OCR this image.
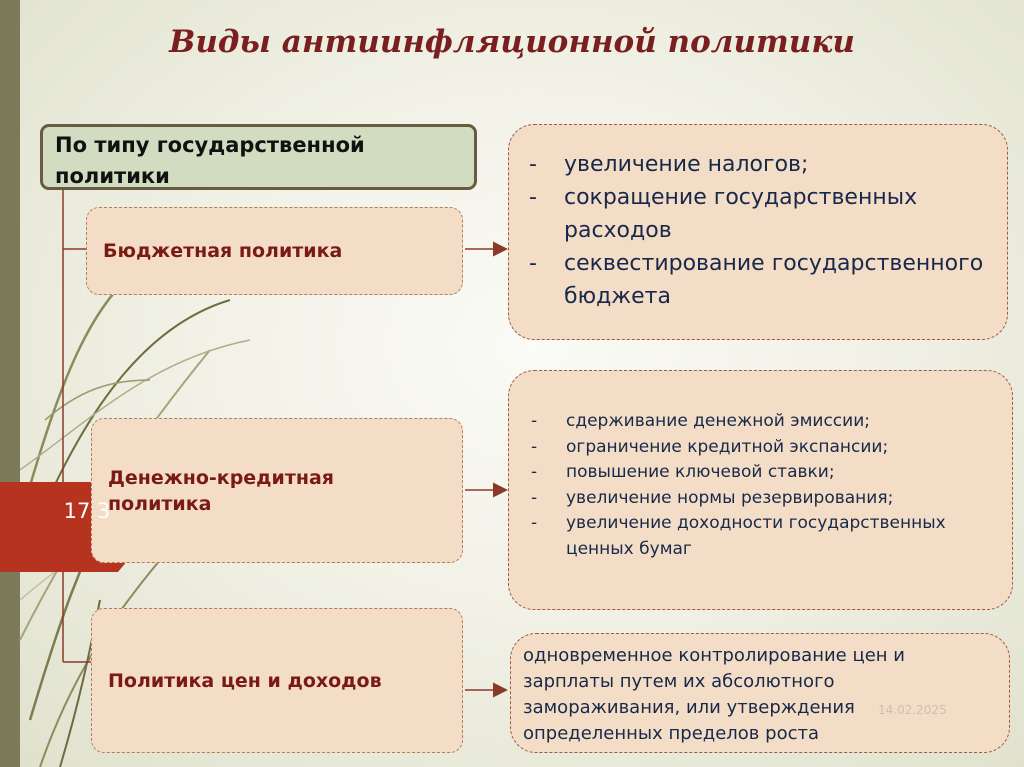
Виды антиинфляционной политики
По типу государственной политики
Бюджетная политика
Денежно-кредитная политика
Политика цен и доходов
- увеличение налогов;
- сокращение государственных расходов
- секвестирование государственного бюджета
- сдерживание денежной эмиссии;
- ограничение кредитной экспансии;
- повышение ключевой ставки;
- увеличение нормы резервирования;
- увеличение доходности государственных ценных бумаг
одновременное контролирование цен и зарплаты путем их абсолютного замораживания, или утверждения определенных пределов роста
17 3
14.02.2025
